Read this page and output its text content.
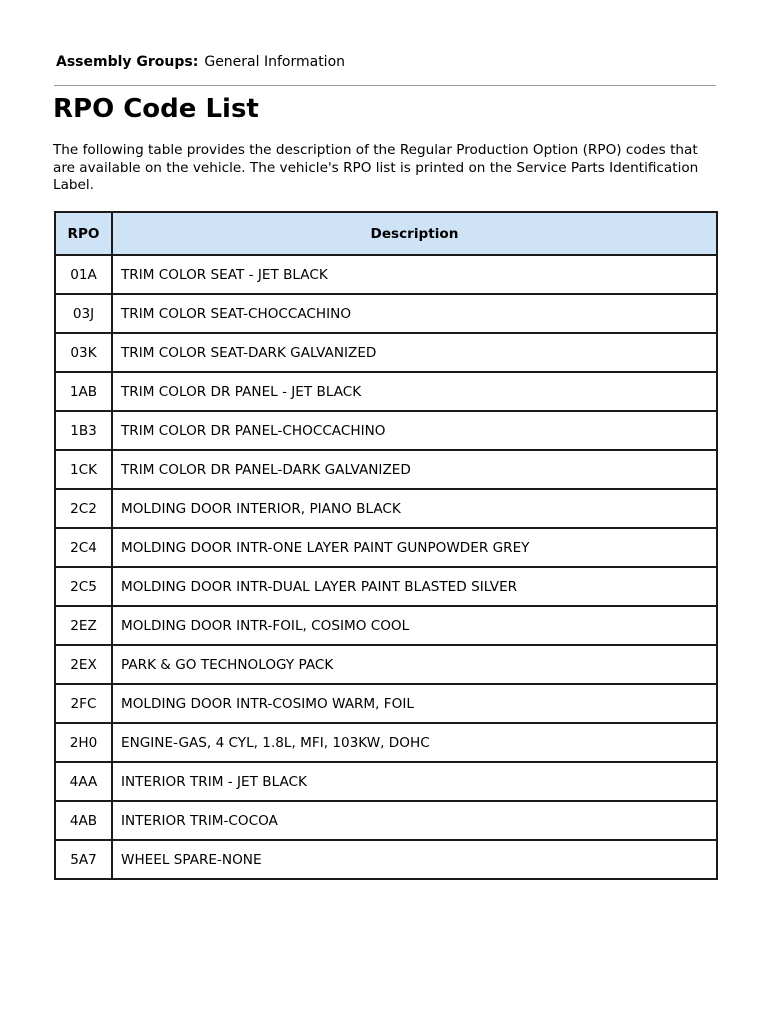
Assembly Groups: General Information
RPO Code List

The following table provides the description of the Regular Production Option (RPO) codes that are available on the vehicle. The vehicle's RPO list is printed on the Service Parts Identification Label.

RPO	Description
01A	TRIM COLOR SEAT - JET BLACK
03J	TRIM COLOR SEAT-CHOCCACHINO
03K	TRIM COLOR SEAT-DARK GALVANIZED
1AB	TRIM COLOR DR PANEL - JET BLACK
1B3	TRIM COLOR DR PANEL-CHOCCACHINO
1CK	TRIM COLOR DR PANEL-DARK GALVANIZED
2C2	MOLDING DOOR INTERIOR, PIANO BLACK
2C4	MOLDING DOOR INTR-ONE LAYER PAINT GUNPOWDER GREY
2C5	MOLDING DOOR INTR-DUAL LAYER PAINT BLASTED SILVER
2EZ	MOLDING DOOR INTR-FOIL, COSIMO COOL
2EX	PARK & GO TECHNOLOGY PACK
2FC	MOLDING DOOR INTR-COSIMO WARM, FOIL
2H0	ENGINE-GAS, 4 CYL, 1.8L, MFI, 103KW, DOHC
4AA	INTERIOR TRIM - JET BLACK
4AB	INTERIOR TRIM-COCOA
5A7	WHEEL SPARE-NONE
